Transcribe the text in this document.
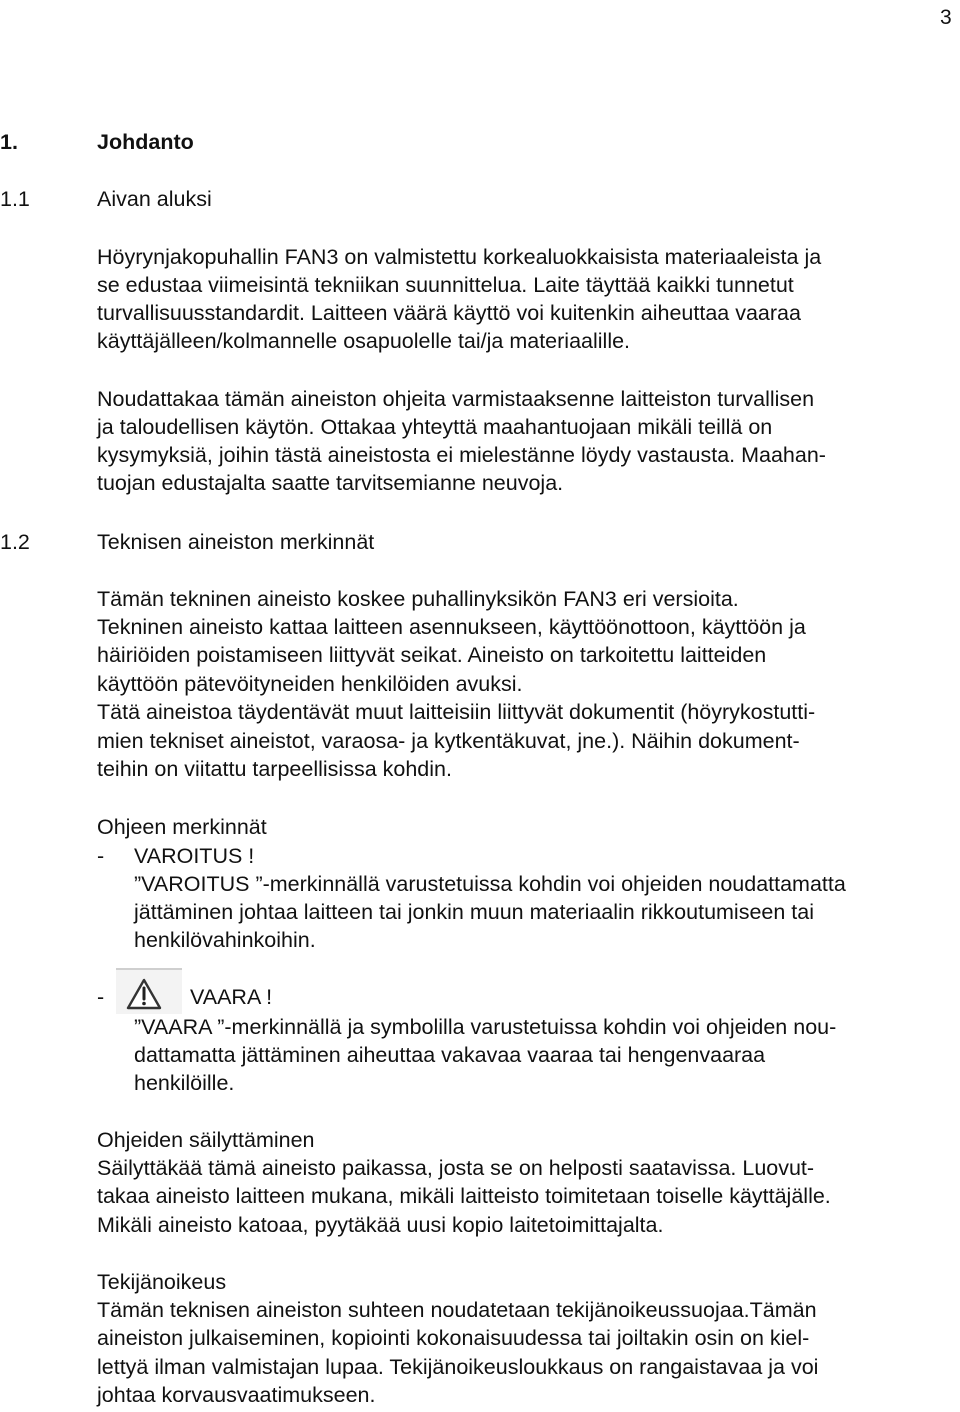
3
1.	Johdanto
1.1	Aivan aluksi
Höyrynjakopuhallin FAN3 on valmistettu korkealuokkaisista materiaaleista ja
se edustaa viimeisintä tekniikan suunnittelua. Laite täyttää kaikki tunnetut
turvallisuusstandardit. Laitteen väärä käyttö voi kuitenkin aiheuttaa vaaraa
käyttäjälleen/kolmannelle osapuolelle tai/ja materiaalille.
Noudattakaa tämän aineiston ohjeita varmistaaksenne laitteiston turvallisen
ja taloudellisen käytön. Ottakaa yhteyttä maahantuojaan mikäli teillä on
kysymyksiä, joihin tästä aineistosta ei mielestänne löydy vastausta. Maahan-
tuojan edustajalta saatte tarvitsemianne neuvoja.
1.2	Teknisen aineiston merkinnät
Tämän tekninen aineisto koskee puhallinyksikön FAN3 eri versioita.
Tekninen aineisto kattaa laitteen asennukseen, käyttöönottoon, käyttöön ja
häiriöiden poistamiseen liittyvät seikat. Aineisto on tarkoitettu laitteiden
käyttöön pätevöityneiden henkilöiden avuksi.
Tätä aineistoa täydentävät muut laitteisiin liittyvät dokumentit (höyrykostutti-
mien tekniset aineistot, varaosa- ja kytkentäkuvat, jne.). Näihin dokument-
teihin on viitattu tarpeellisissa kohdin.
Ohjeen merkinnät
- VAROITUS !
”VAROITUS ”-merkinnällä varustetuissa kohdin voi ohjeiden noudattamatta
jättäminen johtaa laitteen tai jonkin muun materiaalin rikkoutumiseen tai
henkilövahinkoihin.
-	VAARA !
”VAARA ”-merkinnällä ja symbolilla varustetuissa kohdin voi ohjeiden nou-
dattamatta jättäminen aiheuttaa vakavaa vaaraa tai hengenvaaraa
henkilöille.
Ohjeiden säilyttäminen
Säilyttäkää tämä aineisto paikassa, josta se on helposti saatavissa. Luovut-
takaa aineisto laitteen mukana, mikäli laitteisto toimitetaan toiselle käyttäjälle.
Mikäli aineisto katoaa, pyytäkää uusi kopio laitetoimittajalta.
Tekijänoikeus
Tämän teknisen aineiston suhteen noudatetaan tekijänoikeussuojaa.Tämän
aineiston julkaiseminen, kopiointi kokonaisuudessa tai joiltakin osin on kiel-
lettyä ilman valmistajan lupaa. Tekijänoikeusloukkaus on rangaistavaa ja voi
johtaa korvausvaatimukseen.
